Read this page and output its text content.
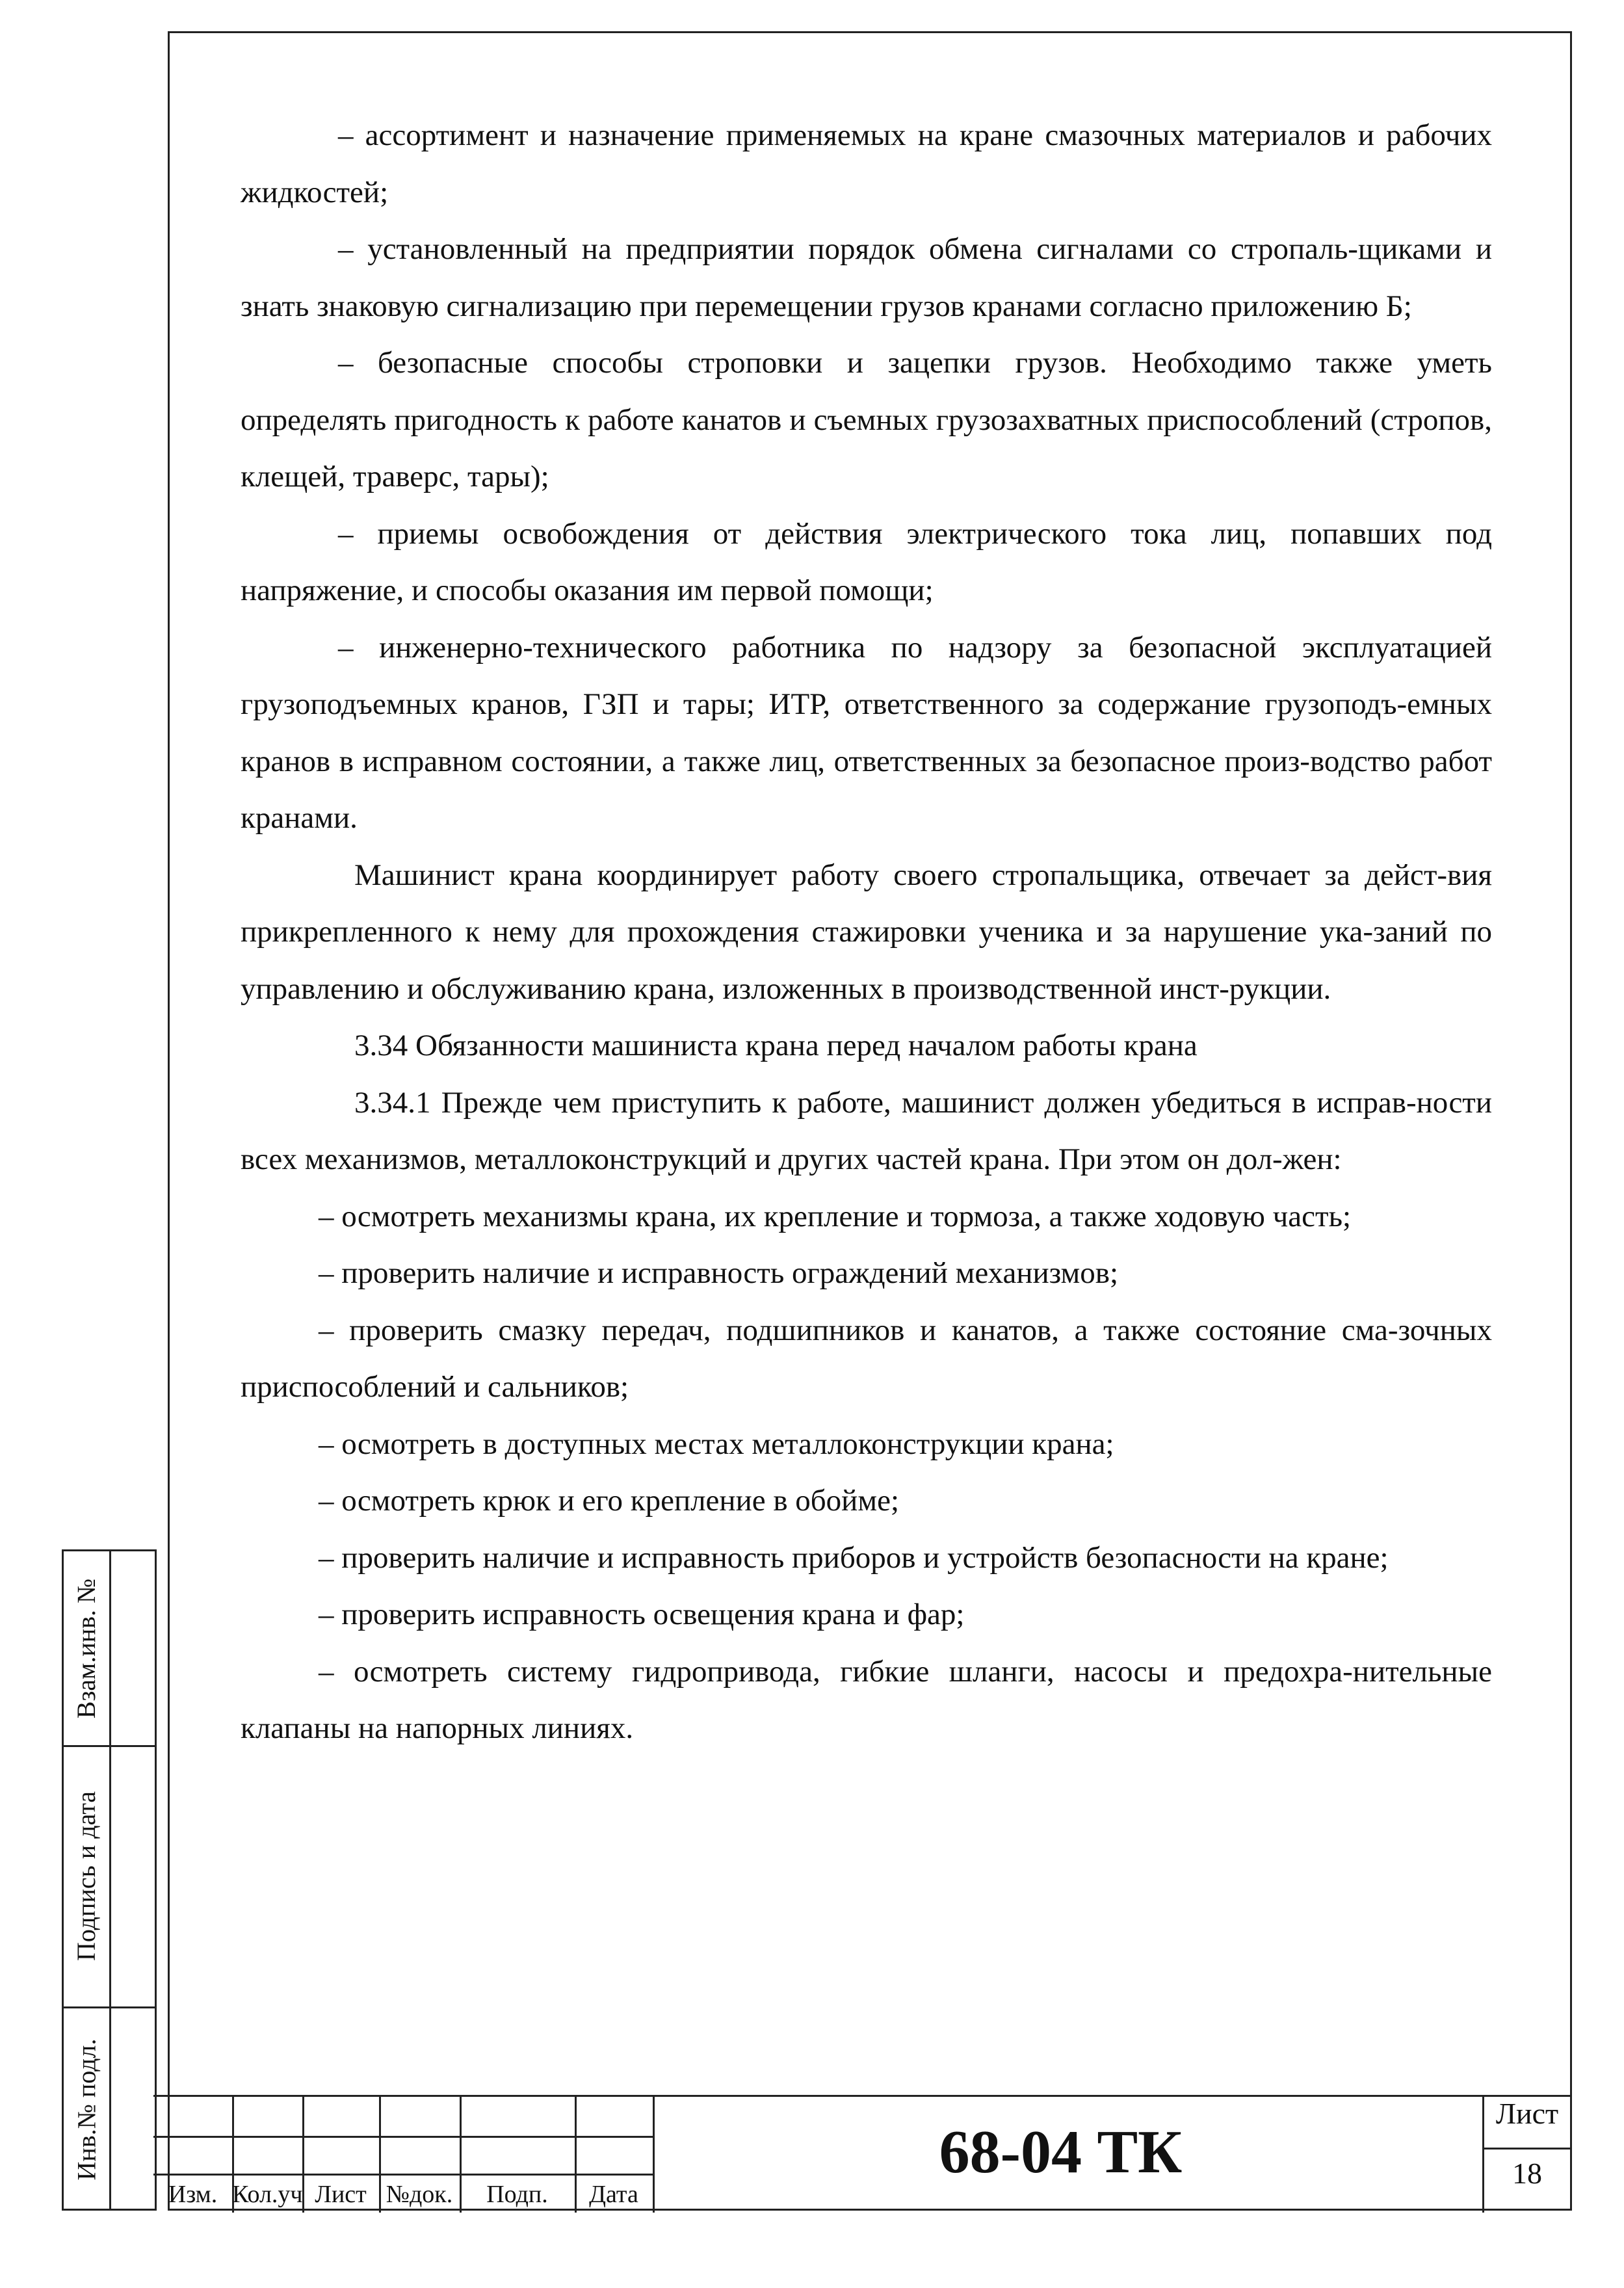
– ассортимент и назначение применяемых на кране смазочных материалов и рабочих жидкостей;

– установленный на предприятии порядок обмена сигналами со стропаль-щиками и знать знаковую сигнализацию при перемещении грузов кранами согласно приложению Б;

– безопасные способы строповки и зацепки грузов. Необходимо также уметь определять пригодность к работе канатов и съемных грузозахватных приспособлений (стропов, клещей, траверс, тары);

– приемы освобождения от действия электрического тока лиц, попавших под напряжение, и способы оказания им первой помощи;

– инженерно-технического работника по надзору за безопасной эксплуатацией грузоподъемных кранов, ГЗП и тары; ИТР, ответственного за содержание грузоподъ-емных кранов в исправном состоянии, а также лиц, ответственных за безопасное произ-водство работ кранами.

Машинист крана координирует работу своего стропальщика, отвечает за дейст-вия прикрепленного к нему для прохождения стажировки ученика и за нарушение ука-заний по управлению и обслуживанию крана, изложенных в производственной инст-рукции.

3.34 Обязанности машиниста крана перед началом работы крана

3.34.1 Прежде чем приступить к работе, машинист должен убедиться в исправ-ности всех механизмов, металлоконструкций и других частей крана. При этом он дол-жен:

– осмотреть механизмы крана, их крепление и тормоза, а также ходовую часть;

– проверить наличие и исправность ограждений механизмов;

– проверить смазку передач, подшипников и канатов, а также состояние сма-зочных приспособлений и сальников;

– осмотреть в доступных местах металлоконструкции крана;

– осмотреть крюк и его крепление в обойме;

– проверить наличие и исправность приборов и устройств безопасности на кране;

– проверить исправность освещения крана и фар;

– осмотреть систему гидропривода, гибкие шланги, насосы и предохра-нительные клапаны на напорных линиях.

Взам.инв. №
Подпись и дата
Инв.№ подл.
Изм. Кол.уч Лист №док.	Подп.	Дата
68-04 ТК
Лист
18
